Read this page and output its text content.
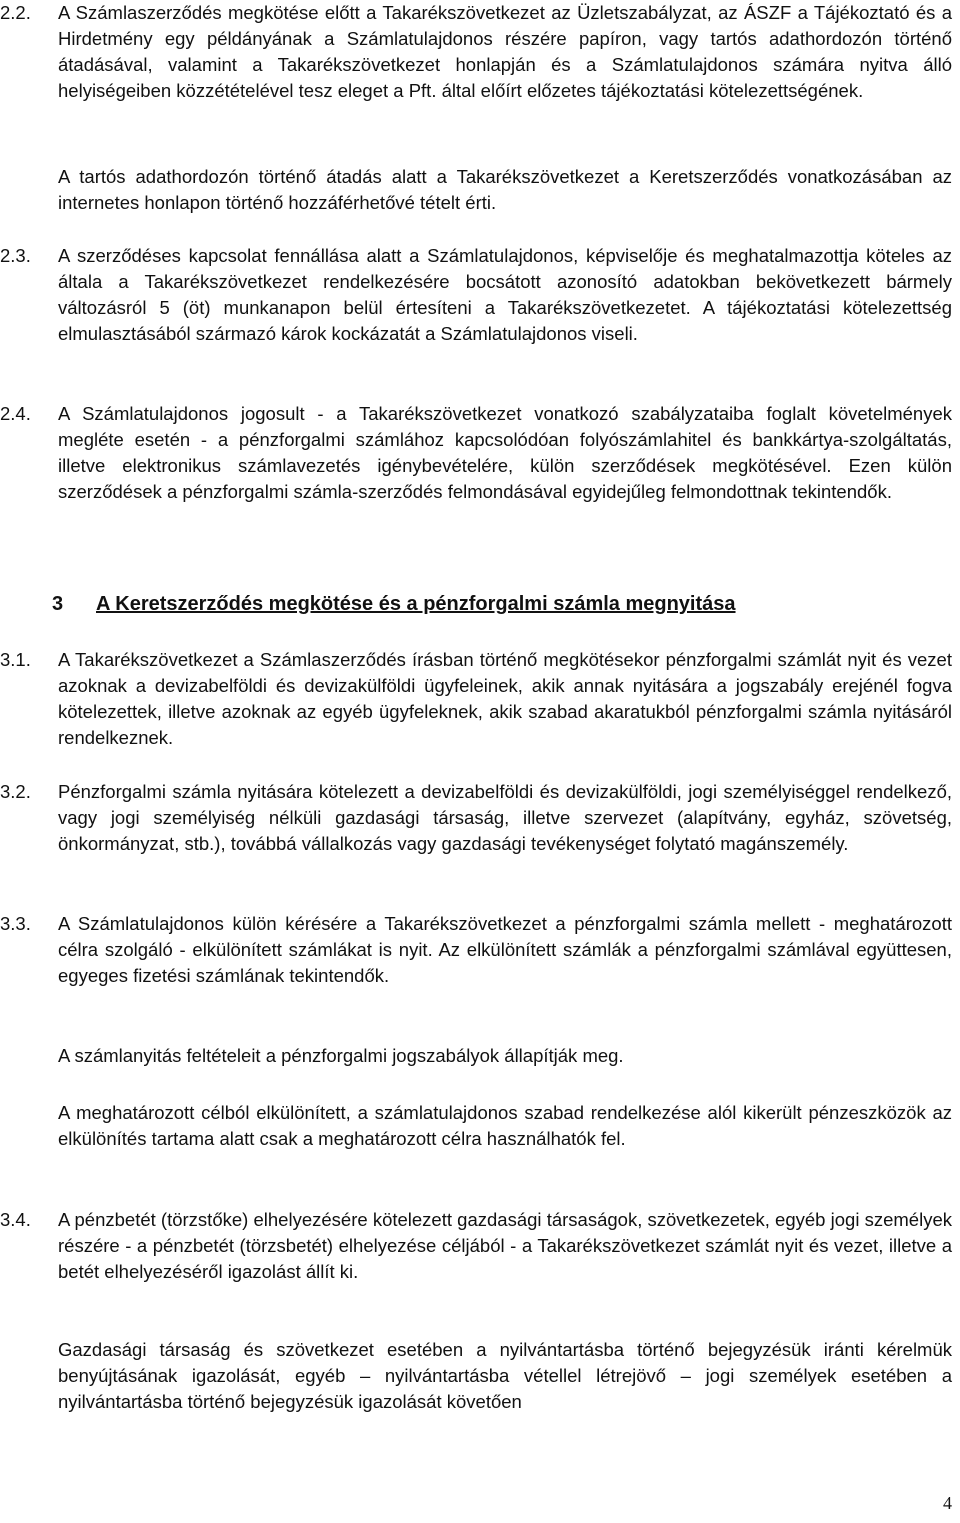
2.2. A Számlaszerződés megkötése előtt a Takarékszövetkezet az Üzletszabályzat, az ÁSZF a Tájékoztató és a Hirdetmény egy példányának a Számlatulajdonos részére papíron, vagy tartós adathordozón történő átadásával, valamint a Takarékszövetkezet honlapján és a Számlatulajdonos számára nyitva álló helyiségeiben közzétételével tesz eleget a Pft. által előírt előzetes tájékoztatási kötelezettségének.

A tartós adathordozón történő átadás alatt a Takarékszövetkezet a Keretszerződés vonatkozásában az internetes honlapon történő hozzáférhetővé tételt érti.

2.3. A szerződéses kapcsolat fennállása alatt a Számlatulajdonos, képviselője és meghatalmazottja köteles az általa a Takarékszövetkezet rendelkezésére bocsátott azonosító adatokban bekövetkezett bármely változásról 5 (öt) munkanapon belül értesíteni a Takarékszövetkezetet. A tájékoztatási kötelezettség elmulasztásából származó károk kockázatát a Számlatulajdonos viseli.

2.4. A Számlatulajdonos jogosult - a Takarékszövetkezet vonatkozó szabályzataiba foglalt követelmények megléte esetén - a pénzforgalmi számlához kapcsolódóan folyószámlahitel és bankkártya-szolgáltatás, illetve elektronikus számlavezetés igénybevételére, külön szerződések megkötésével. Ezen külön szerződések a pénzforgalmi számla-szerződés felmondásával egyidejűleg felmondottnak tekintendők.

3 A Keretszerződés megkötése és a pénzforgalmi számla megnyitása
3.1. A Takarékszövetkezet a Számlaszerződés írásban történő megkötésekor pénzforgalmi számlát nyit és vezet azoknak a devizabelföldi és devizakülföldi ügyfeleinek, akik annak nyitására a jogszabály erejénél fogva kötelezettek, illetve azoknak az egyéb ügyfeleknek, akik szabad akaratukból pénzforgalmi számla nyitásáról rendelkeznek.

3.2. Pénzforgalmi számla nyitására kötelezett a devizabelföldi és devizakülföldi, jogi személyiséggel rendelkező, vagy jogi személyiség nélküli gazdasági társaság, illetve szervezet (alapítvány, egyház, szövetség, önkormányzat, stb.), továbbá vállalkozás vagy gazdasági tevékenységet folytató magánszemély.

3.3. A Számlatulajdonos külön kérésére a Takarékszövetkezet a pénzforgalmi számla mellett - meghatározott célra szolgáló - elkülönített számlákat is nyit. Az elkülönített számlák a pénzforgalmi számlával együttesen, egyeges fizetési számlának tekintendők.

A számlanyitás feltételeit a pénzforgalmi jogszabályok állapítják meg.

A meghatározott célból elkülönített, a számlatulajdonos szabad rendelkezése alól kikerült pénzeszközök az elkülönítés tartama alatt csak a meghatározott célra használhatók fel.

3.4. A pénzbetét (törzstőke) elhelyezésére kötelezett gazdasági társaságok, szövetkezetek, egyéb jogi személyek részére - a pénzbetét (törzsbetét) elhelyezése céljából - a Takarékszövetkezet számlát nyit és vezet, illetve a betét elhelyezéséről igazolást állít ki.

Gazdasági társaság és szövetkezet esetében a nyilvántartásba történő bejegyzésük iránti kérelmük benyújtásának igazolását, egyéb – nyilvántartásba vétellel létrejövő – jogi személyek esetében a nyilvántartásba történő bejegyzésük igazolását követően

4
